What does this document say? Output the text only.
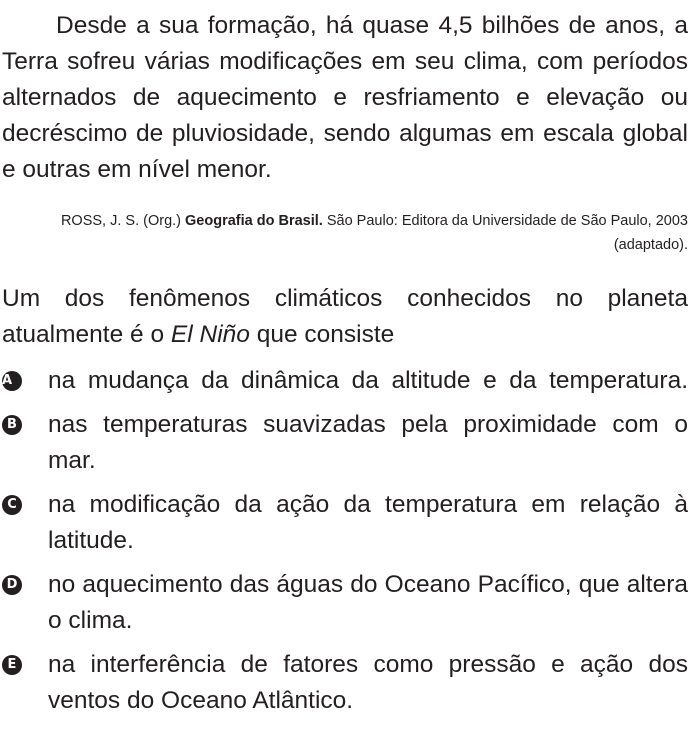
Desde a sua formação, há quase 4,5 bilhões de anos, a Terra sofreu várias modificações em seu clima, com períodos alternados de aquecimento e resfriamento e elevação ou decréscimo de pluviosidade, sendo algumas em escala global e outras em nível menor.

ROSS, J. S. (Org.) Geografia do Brasil. São Paulo: Editora da Universidade de São Paulo, 2003 (adaptado).

Um dos fenômenos climáticos conhecidos no planeta atualmente é o El Niño que consiste

A	na mudança da dinâmica da altitude e da temperatura.
B nas temperaturas suavizadas pela proximidade com o mar.
C na modificação da ação da temperatura em relação à latitude.
D no aquecimento das águas do Oceano Pacífico, que altera o clima.
E na interferência de fatores como pressão e ação dos ventos do Oceano Atlântico.
